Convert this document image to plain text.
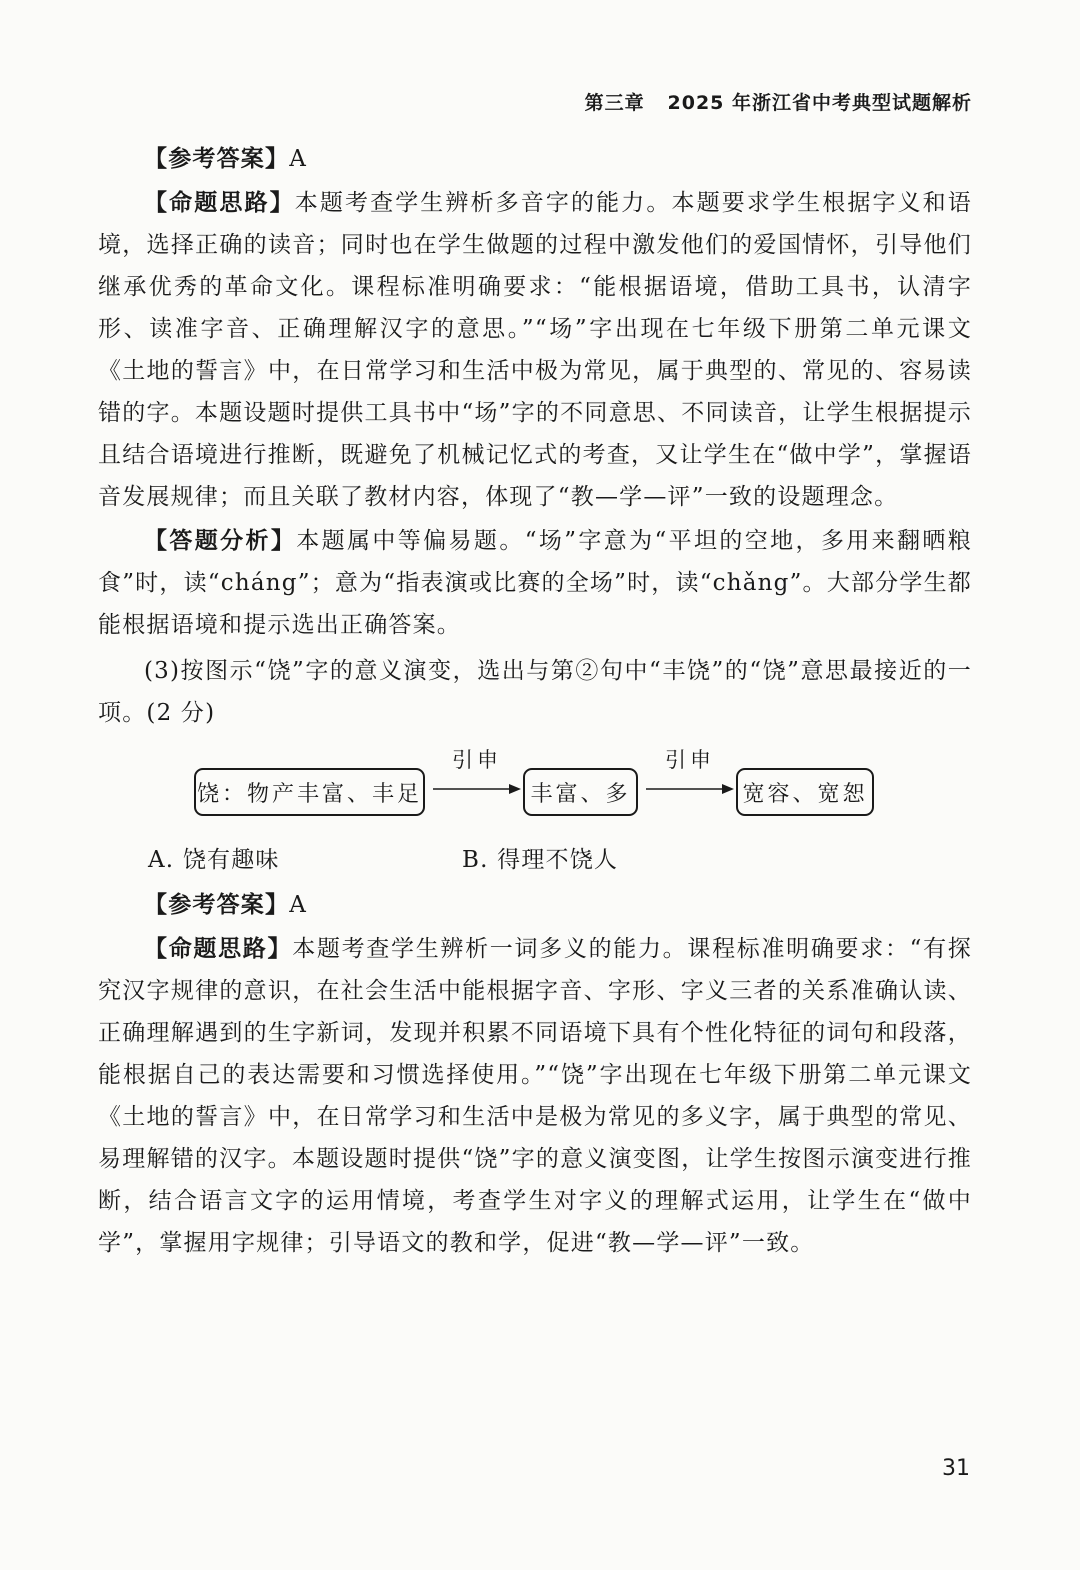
第三章   2025 年浙江省中考典型试题解析

【参考答案】A

【命题思路】本题考查学生辨析多音字的能力。本题要求学生根据字义和语境，选择正确的读音；同时也在学生做题的过程中激发他们的爱国情怀，引导他们继承优秀的革命文化。课程标准明确要求：“能根据语境，借助工具书，认清字形、读准字音、正确理解汉字的意思。”“场”字出现在七年级下册第二单元课文《土地的誓言》中，在日常学习和生活中极为常见，属于典型的、常见的、容易读错的字。本题设题时提供工具书中“场”字的不同意思、不同读音，让学生根据提示且结合语境进行推断，既避免了机械记忆式的考查，又让学生在“做中学”，掌握语音发展规律；而且关联了教材内容，体现了“教—学—评”一致的设题理念。

【答题分析】本题属中等偏易题。“场”字意为“平坦的空地，多用来翻晒粮食”时，读“cháng”；意为“指表演或比赛的全场”时，读“chǎng”。大部分学生都能根据语境和提示选出正确答案。

(3)按图示“饶”字的意义演变，选出与第②句中“丰饶”的“饶”意思最接近的一项。(2 分)

饶：物产丰富、丰足
引申
丰富、多
引申
宽容、宽恕
A. 饶有趣味	B. 得理不饶人

【参考答案】A

【命题思路】本题考查学生辨析一词多义的能力。课程标准明确要求：“有探究汉字规律的意识，在社会生活中能根据字音、字形、字义三者的关系准确认读、正确理解遇到的生字新词，发现并积累不同语境下具有个性化特征的词句和段落，能根据自己的表达需要和习惯选择使用。”“饶”字出现在七年级下册第二单元课文《土地的誓言》中，在日常学习和生活中是极为常见的多义字，属于典型的常见、易理解错的汉字。本题设题时提供“饶”字的意义演变图，让学生按图示演变进行推断，结合语言文字的运用情境，考查学生对字义的理解式运用，让学生在“做中学”，掌握用字规律；引导语文的教和学，促进“教—学—评”一致。

31
